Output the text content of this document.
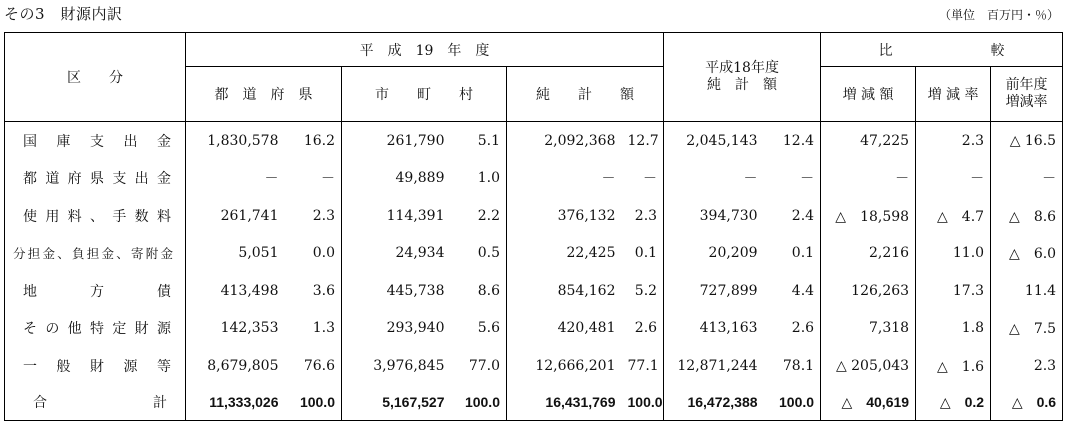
その3　財源内訳	（単位　百万円・％）
区　　分	平　成　19　年　度						平成18年度
純　計　額		比　　　　　　　較		
	都　道　府　県		市　　町　　村		純　　計　　額				増 減 額	増 減 率	前年度
増減率

国庫支出金	1,830,578	16.2	261,790	5.1	2,092,368	12.7	2,045,143	12.4	47,225	2.3	△ 16.5
都道府県支出金	－	－	49,889	1.0	－	－	－	－	－	－	－
使用料、手数料	261,741	2.3	114,391	2.2	376,132	2.3	394,730	2.4	△　18,598	△　4.7	△　8.6
分担金、負担金、寄附金	5,051	0.0	24,934	0.5	22,425	0.1	20,209	0.1	2,216	11.0	△　6.0
地　方　債	413,498	3.6	445,738	8.6	854,162	5.2	727,899	4.4	126,263	17.3	11.4
その他特定財源	142,353	1.3	293,940	5.6	420,481	2.6	413,163	2.6	7,318	1.8	△　7.5
一般財源等	8,679,805	76.6	3,976,845	77.0	12,666,201	77.1	12,871,244	78.1	△ 205,043	△　1.6	2.3
合　　計	11,333,026	100.0	5,167,527	100.0	16,431,769	100.0	16,472,388	100.0	△　40,619	△　0.2	△　0.6
